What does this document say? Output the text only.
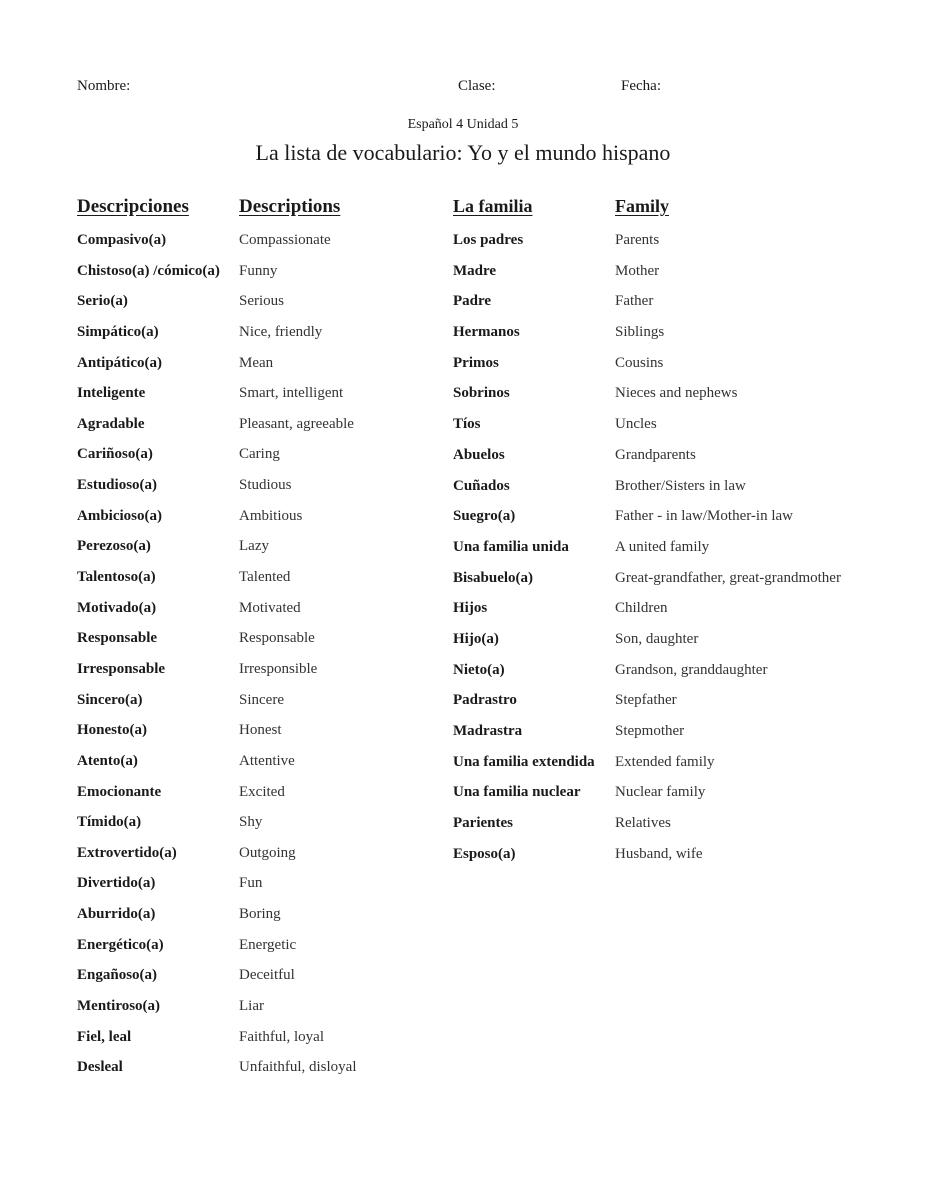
Nombre:	Clase:	Fecha:
Español 4 Unidad 5
La lista de vocabulario: Yo y el mundo hispano
Descripciones	Descriptions
Compasivo(a)	Compassionate
Chistoso(a) /cómico(a) Funny
Serio(a)	Serious
Simpático(a)	Nice, friendly
Antipático(a)	Mean
Inteligente	Smart, intelligent
Agradable	Pleasant, agreeable
Cariñoso(a)	Caring
Estudioso(a)	Studious
Ambicioso(a)	Ambitious
Perezoso(a)	Lazy
Talentoso(a)	Talented
Motivado(a)	Motivated
Responsable	Responsable
Irresponsable	Irresponsible
Sincero(a)	Sincere
Honesto(a)	Honest
Atento(a)	Attentive
Emocionante	Excited
Tímido(a)	Shy
Extrovertido(a)	Outgoing
Divertido(a)	Fun
Aburrido(a)	Boring
Energético(a)	Energetic
Engañoso(a)	Deceitful
Mentiroso(a)	Liar
Fiel, leal	Faithful, loyal
Desleal	Unfaithful, disloyal
La familia	Family
Los padres	Parents
Madre	Mother
Padre	Father
Hermanos	Siblings
Primos	Cousins
Sobrinos	Nieces and nephews
Tíos	Uncles
Abuelos	Grandparents
Cuñados	Brother/Sisters in law
Suegro(a)	Father - in law/Mother-in law
Una familia unida	A united family
Bisabuelo(a)	Great-grandfather, great-grandmother
Hijos	Children
Hijo(a)	Son, daughter
Nieto(a)	Grandson, granddaughter
Padrastro	Stepfather
Madrastra	Stepmother
Una familia extendida Extended family
Una familia nuclear Nuclear family
Parientes	Relatives
Esposo(a)	Husband, wife
